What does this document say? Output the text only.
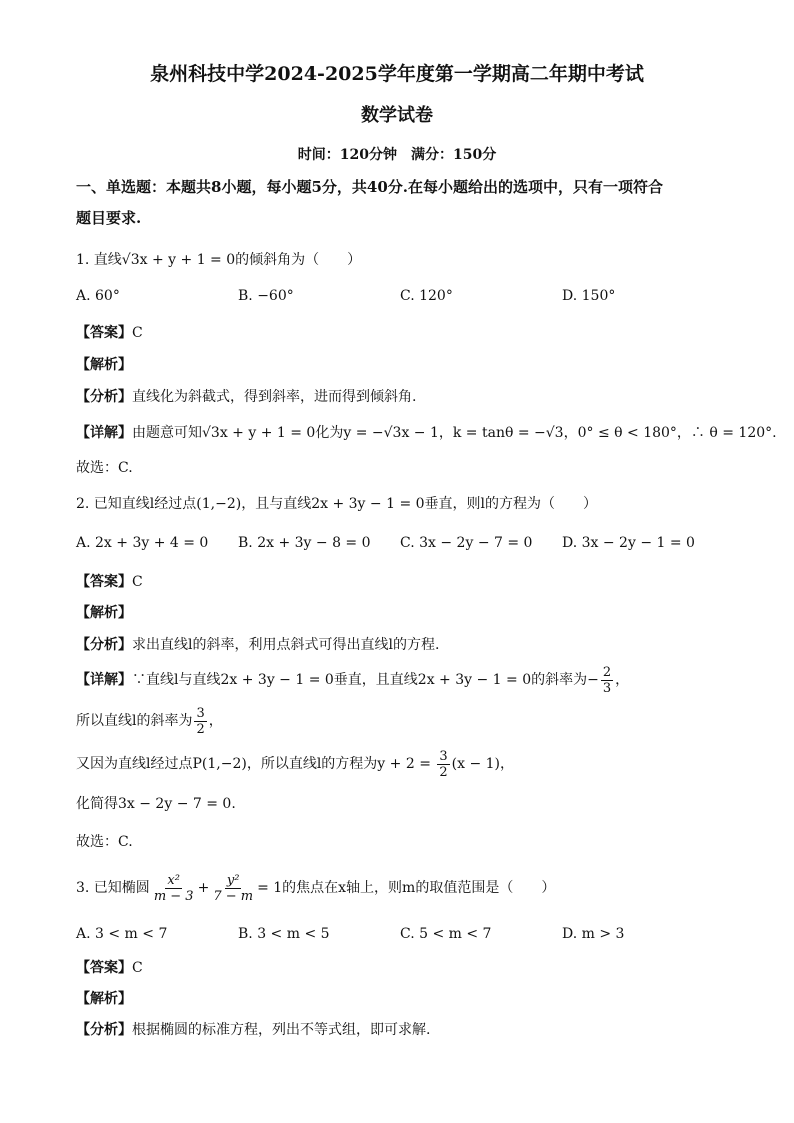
泉州科技中学2024-2025学年度第一学期高二年期中考试
数学试卷
时间：120分钟　满分：150分
一、单选题：本题共8小题，每小题5分，共40分.在每小题给出的选项中，只有一项符合
题目要求.
1. 直线√3x + y + 1 = 0的倾斜角为（　　）
A. 60°	B. −60°	C. 120°	D. 150°
【答案】C
【解析】
【分析】直线化为斜截式，得到斜率，进而得到倾斜角.
【详解】由题意可知√3x + y + 1 = 0化为y = −√3x − 1，k = tanθ = −√3，0° ≤ θ < 180°，∴ θ = 120°.
故选：C.
2. 已知直线l经过点(1,−2)，且与直线2x + 3y − 1 = 0垂直，则l的方程为（　　）
A. 2x + 3y + 4 = 0 B. 2x + 3y − 8 = 0 C. 3x − 2y − 7 = 0 D. 3x − 2y − 1 = 0
【答案】C
【解析】
【分析】求出直线l的斜率，利用点斜式可得出直线l的方程.
【详解】∵直线l与直线2x + 3y − 1 = 0垂直，且直线2x + 3y − 1 = 0的斜率为− $\frac{2}{3}$ ，
所以直线l的斜率为 $\frac{3}{2}$ ，
又因为直线l经过点P(1,−2)，所以直线l的方程为$y + 2 = \frac{3}{2} (x - 1)$，
化简得3x − 2y − 7 = 0.
故选：C.
3. 已知椭圆 $\frac{\text{x²}}{m - 3} + \frac{\text{y²}}{7 - m} = 1$的焦点在x轴上，则m的取值范围是（　　）
A. 3 < m < 7	B. 3 < m < 5	C. 5 < m < 7	D. m > 3
【答案】C
【解析】
【分析】根据椭圆的标准方程，列出不等式组，即可求解.
